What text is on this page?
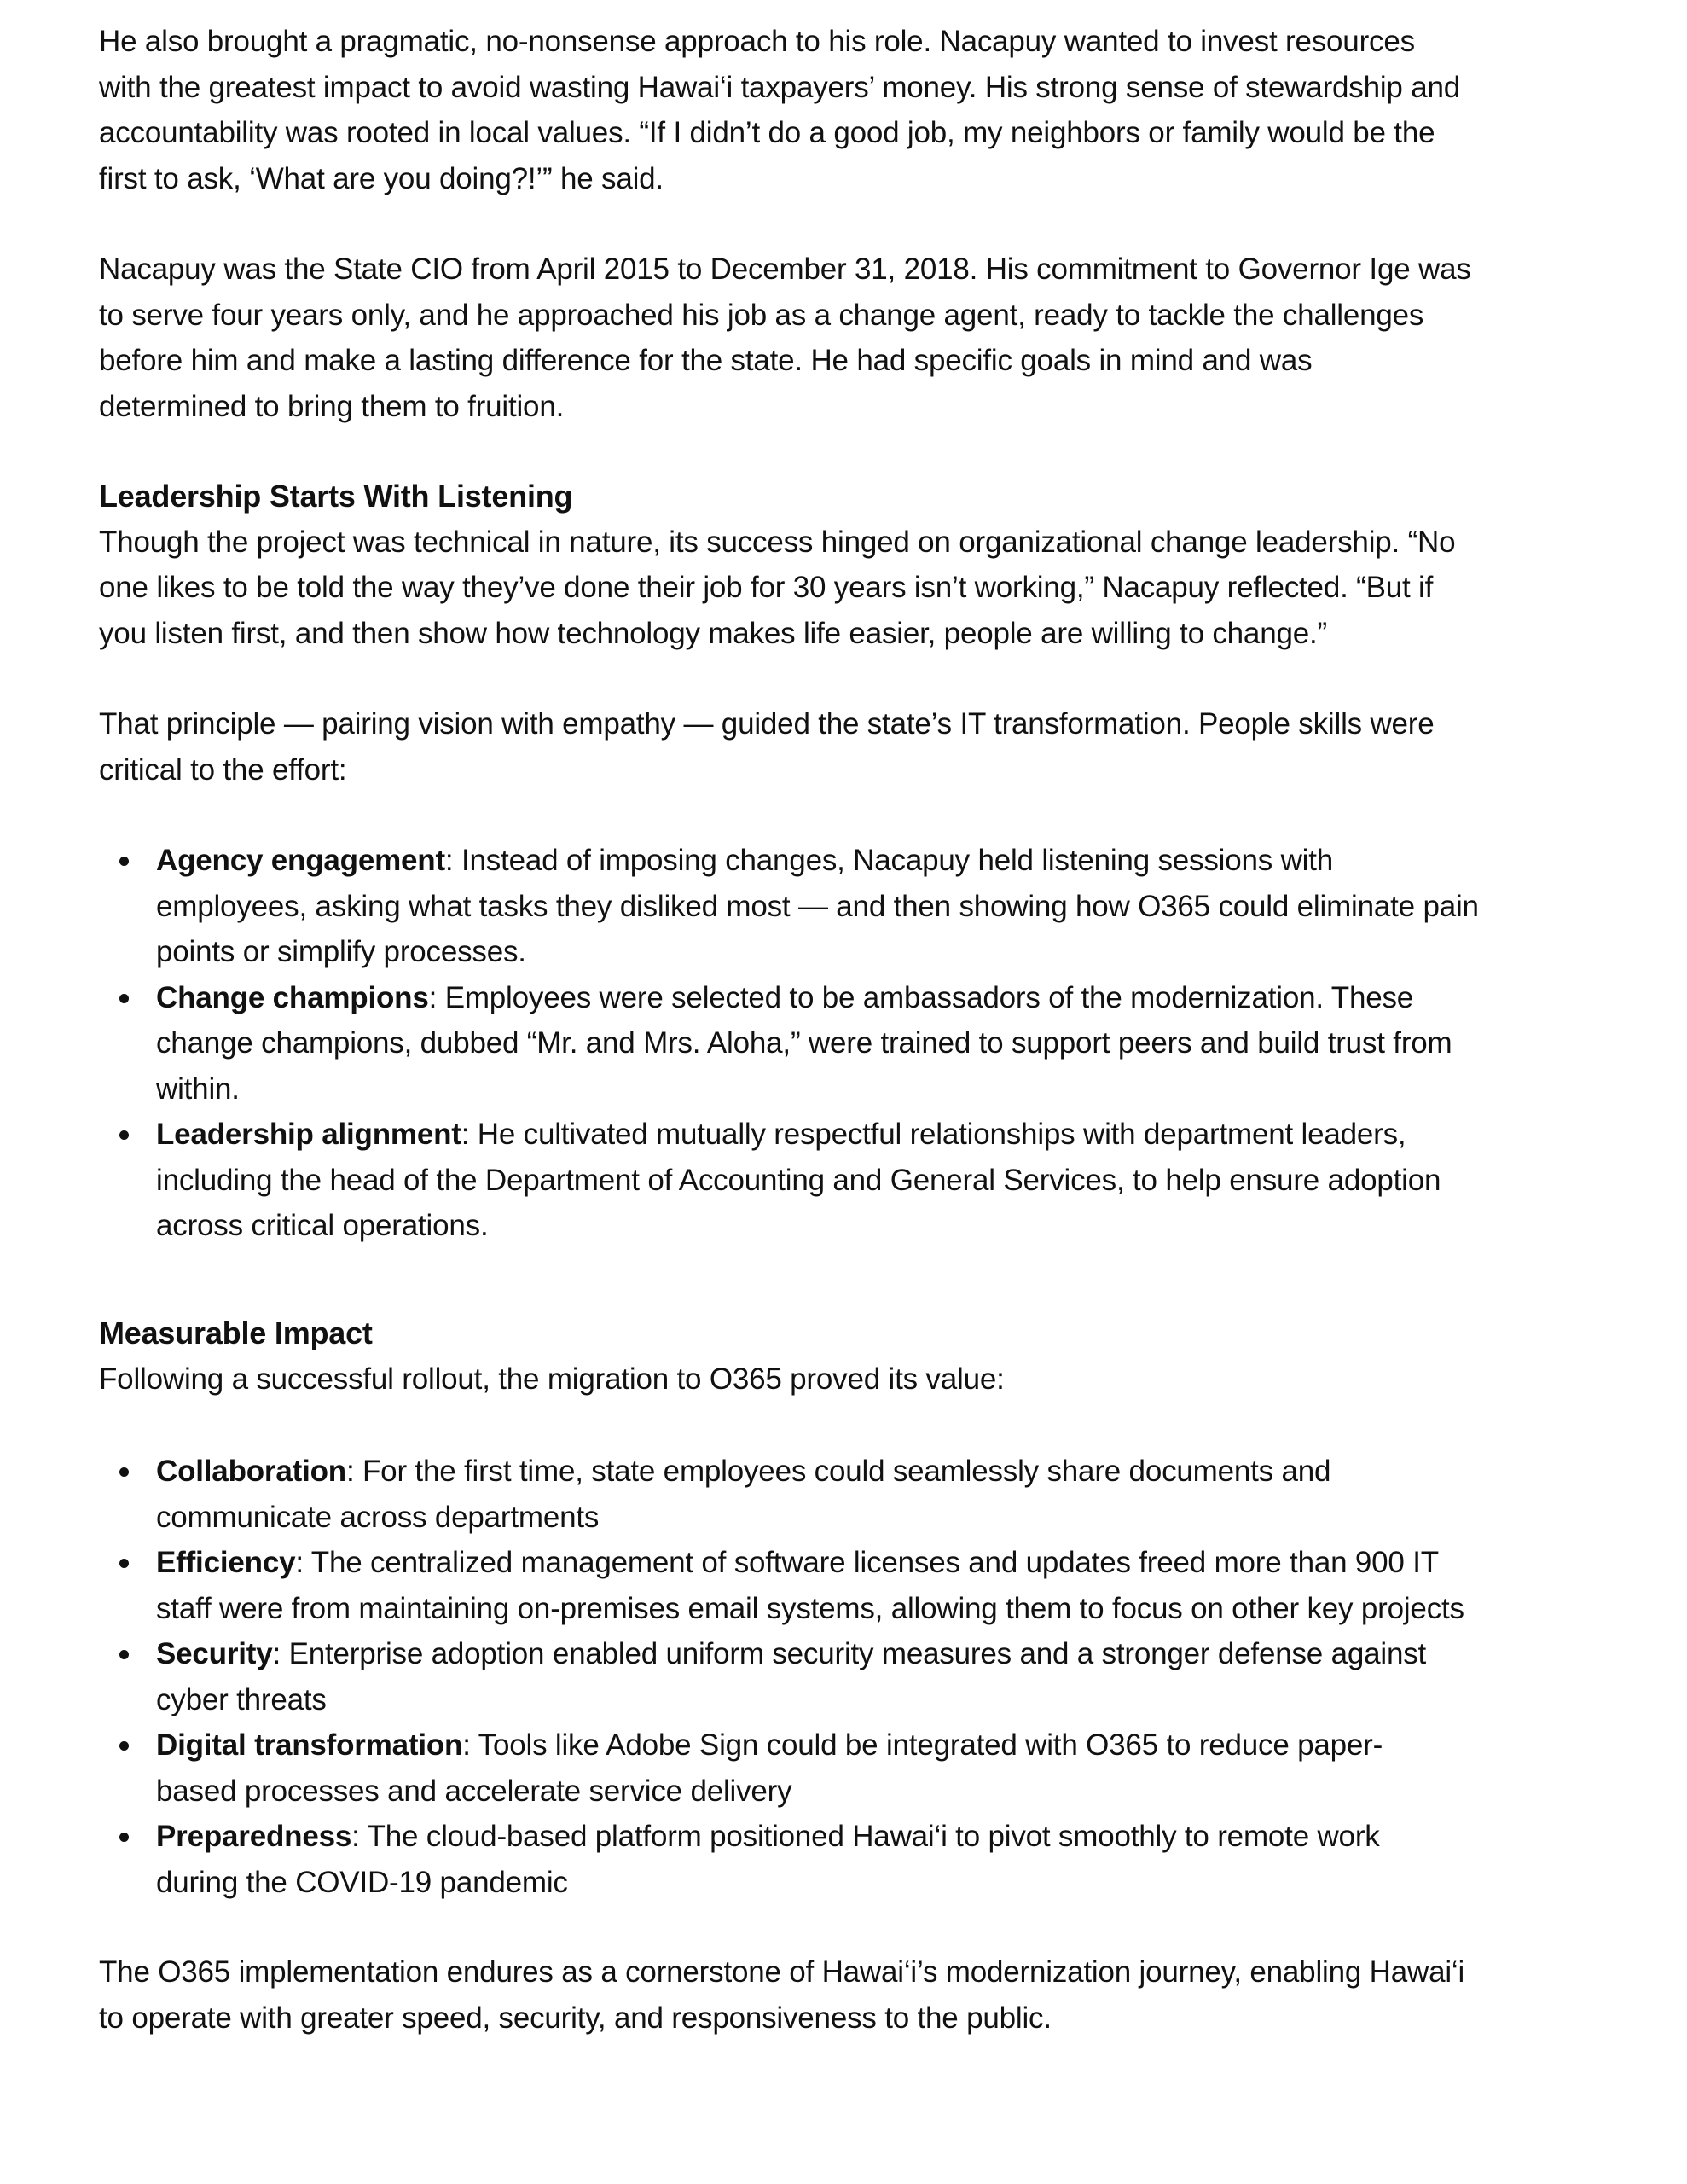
He also brought a pragmatic, no-nonsense approach to his role. Nacapuy wanted to invest resources
with the greatest impact to avoid wasting Hawai‘i taxpayers’ money. His strong sense of stewardship and
accountability was rooted in local values. “If I didn’t do a good job, my neighbors or family would be the
first to ask, ‘What are you doing?!’” he said.
Nacapuy was the State CIO from April 2015 to December 31, 2018. His commitment to Governor Ige was
to serve four years only, and he approached his job as a change agent, ready to tackle the challenges
before him and make a lasting difference for the state. He had specific goals in mind and was
determined to bring them to fruition.
Leadership Starts With Listening
Though the project was technical in nature, its success hinged on organizational change leadership. “No
one likes to be told the way they’ve done their job for 30 years isn’t working,” Nacapuy reflected. “But if
you listen first, and then show how technology makes life easier, people are willing to change.”
That principle — pairing vision with empathy — guided the state’s IT transformation. People skills were
critical to the effort:
Agency engagement: Instead of imposing changes, Nacapuy held listening sessions with
employees, asking what tasks they disliked most — and then showing how O365 could eliminate pain
points or simplify processes.
Change champions: Employees were selected to be ambassadors of the modernization. These
change champions, dubbed “Mr. and Mrs. Aloha,” were trained to support peers and build trust from
within.
Leadership alignment: He cultivated mutually respectful relationships with department leaders,
including the head of the Department of Accounting and General Services, to help ensure adoption
across critical operations.
Measurable Impact
Following a successful rollout, the migration to O365 proved its value:
Collaboration: For the first time, state employees could seamlessly share documents and
communicate across departments
Efficiency: The centralized management of software licenses and updates freed more than 900 IT
staff were from maintaining on-premises email systems, allowing them to focus on other key projects
Security: Enterprise adoption enabled uniform security measures and a stronger defense against
cyber threats
Digital transformation: Tools like Adobe Sign could be integrated with O365 to reduce paper-
based processes and accelerate service delivery
Preparedness: The cloud-based platform positioned Hawai‘i to pivot smoothly to remote work
during the COVID-19 pandemic
The O365 implementation endures as a cornerstone of Hawai‘i’s modernization journey, enabling Hawai‘i
to operate with greater speed, security, and responsiveness to the public.
